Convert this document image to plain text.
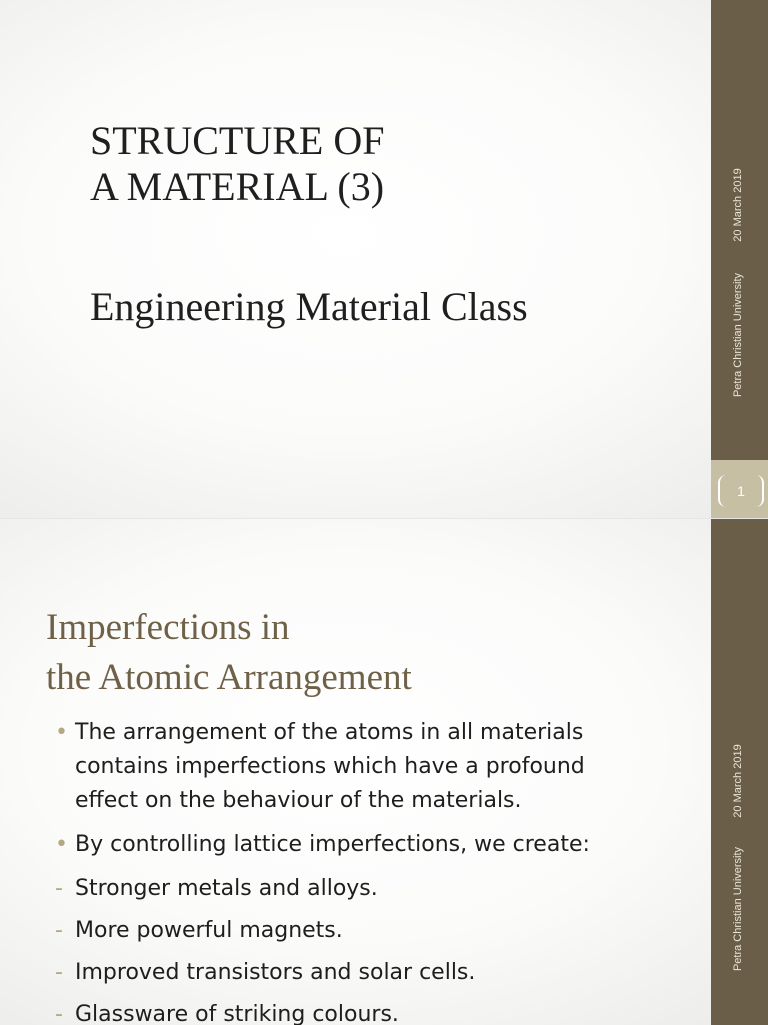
STRUCTURE OF
A MATERIAL (3)
Engineering Material Class
20 March 2019
Petra Christian University
1
Imperfections in
the Atomic Arrangement
• The arrangement of the atoms in all materials
contains imperfections which have a profound
effect on the behaviour of the materials.
• By controlling lattice imperfections, we create:
- Stronger metals and alloys.
- More powerful magnets.
- Improved transistors and solar cells.
- Glassware of striking colours.
20 March 2019
Petra Christian University
